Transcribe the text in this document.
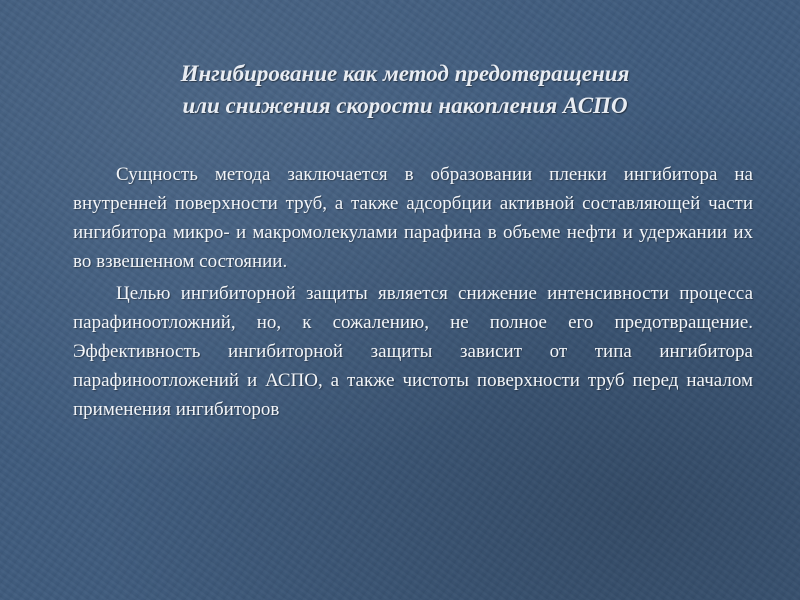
Ингибирование как метод предотвращения
или снижения скорости накопления АСПО

Сущность метода заключается в образовании пленки ингибитора на внутренней поверхности труб, а также адсорбции активной составляющей части ингибитора микро- и макромолекулами парафина в объеме нефти и удержании их во взвешенном состоянии.

Целью ингибиторной защиты является снижение интенсивности процесса парафиноотложний, но, к сожалению, не полное его предотвращение. Эффективность ингибиторной защиты зависит от типа ингибитора парафиноотложений и АСПО, а также чистоты поверхности труб перед началом применения ингибиторов
